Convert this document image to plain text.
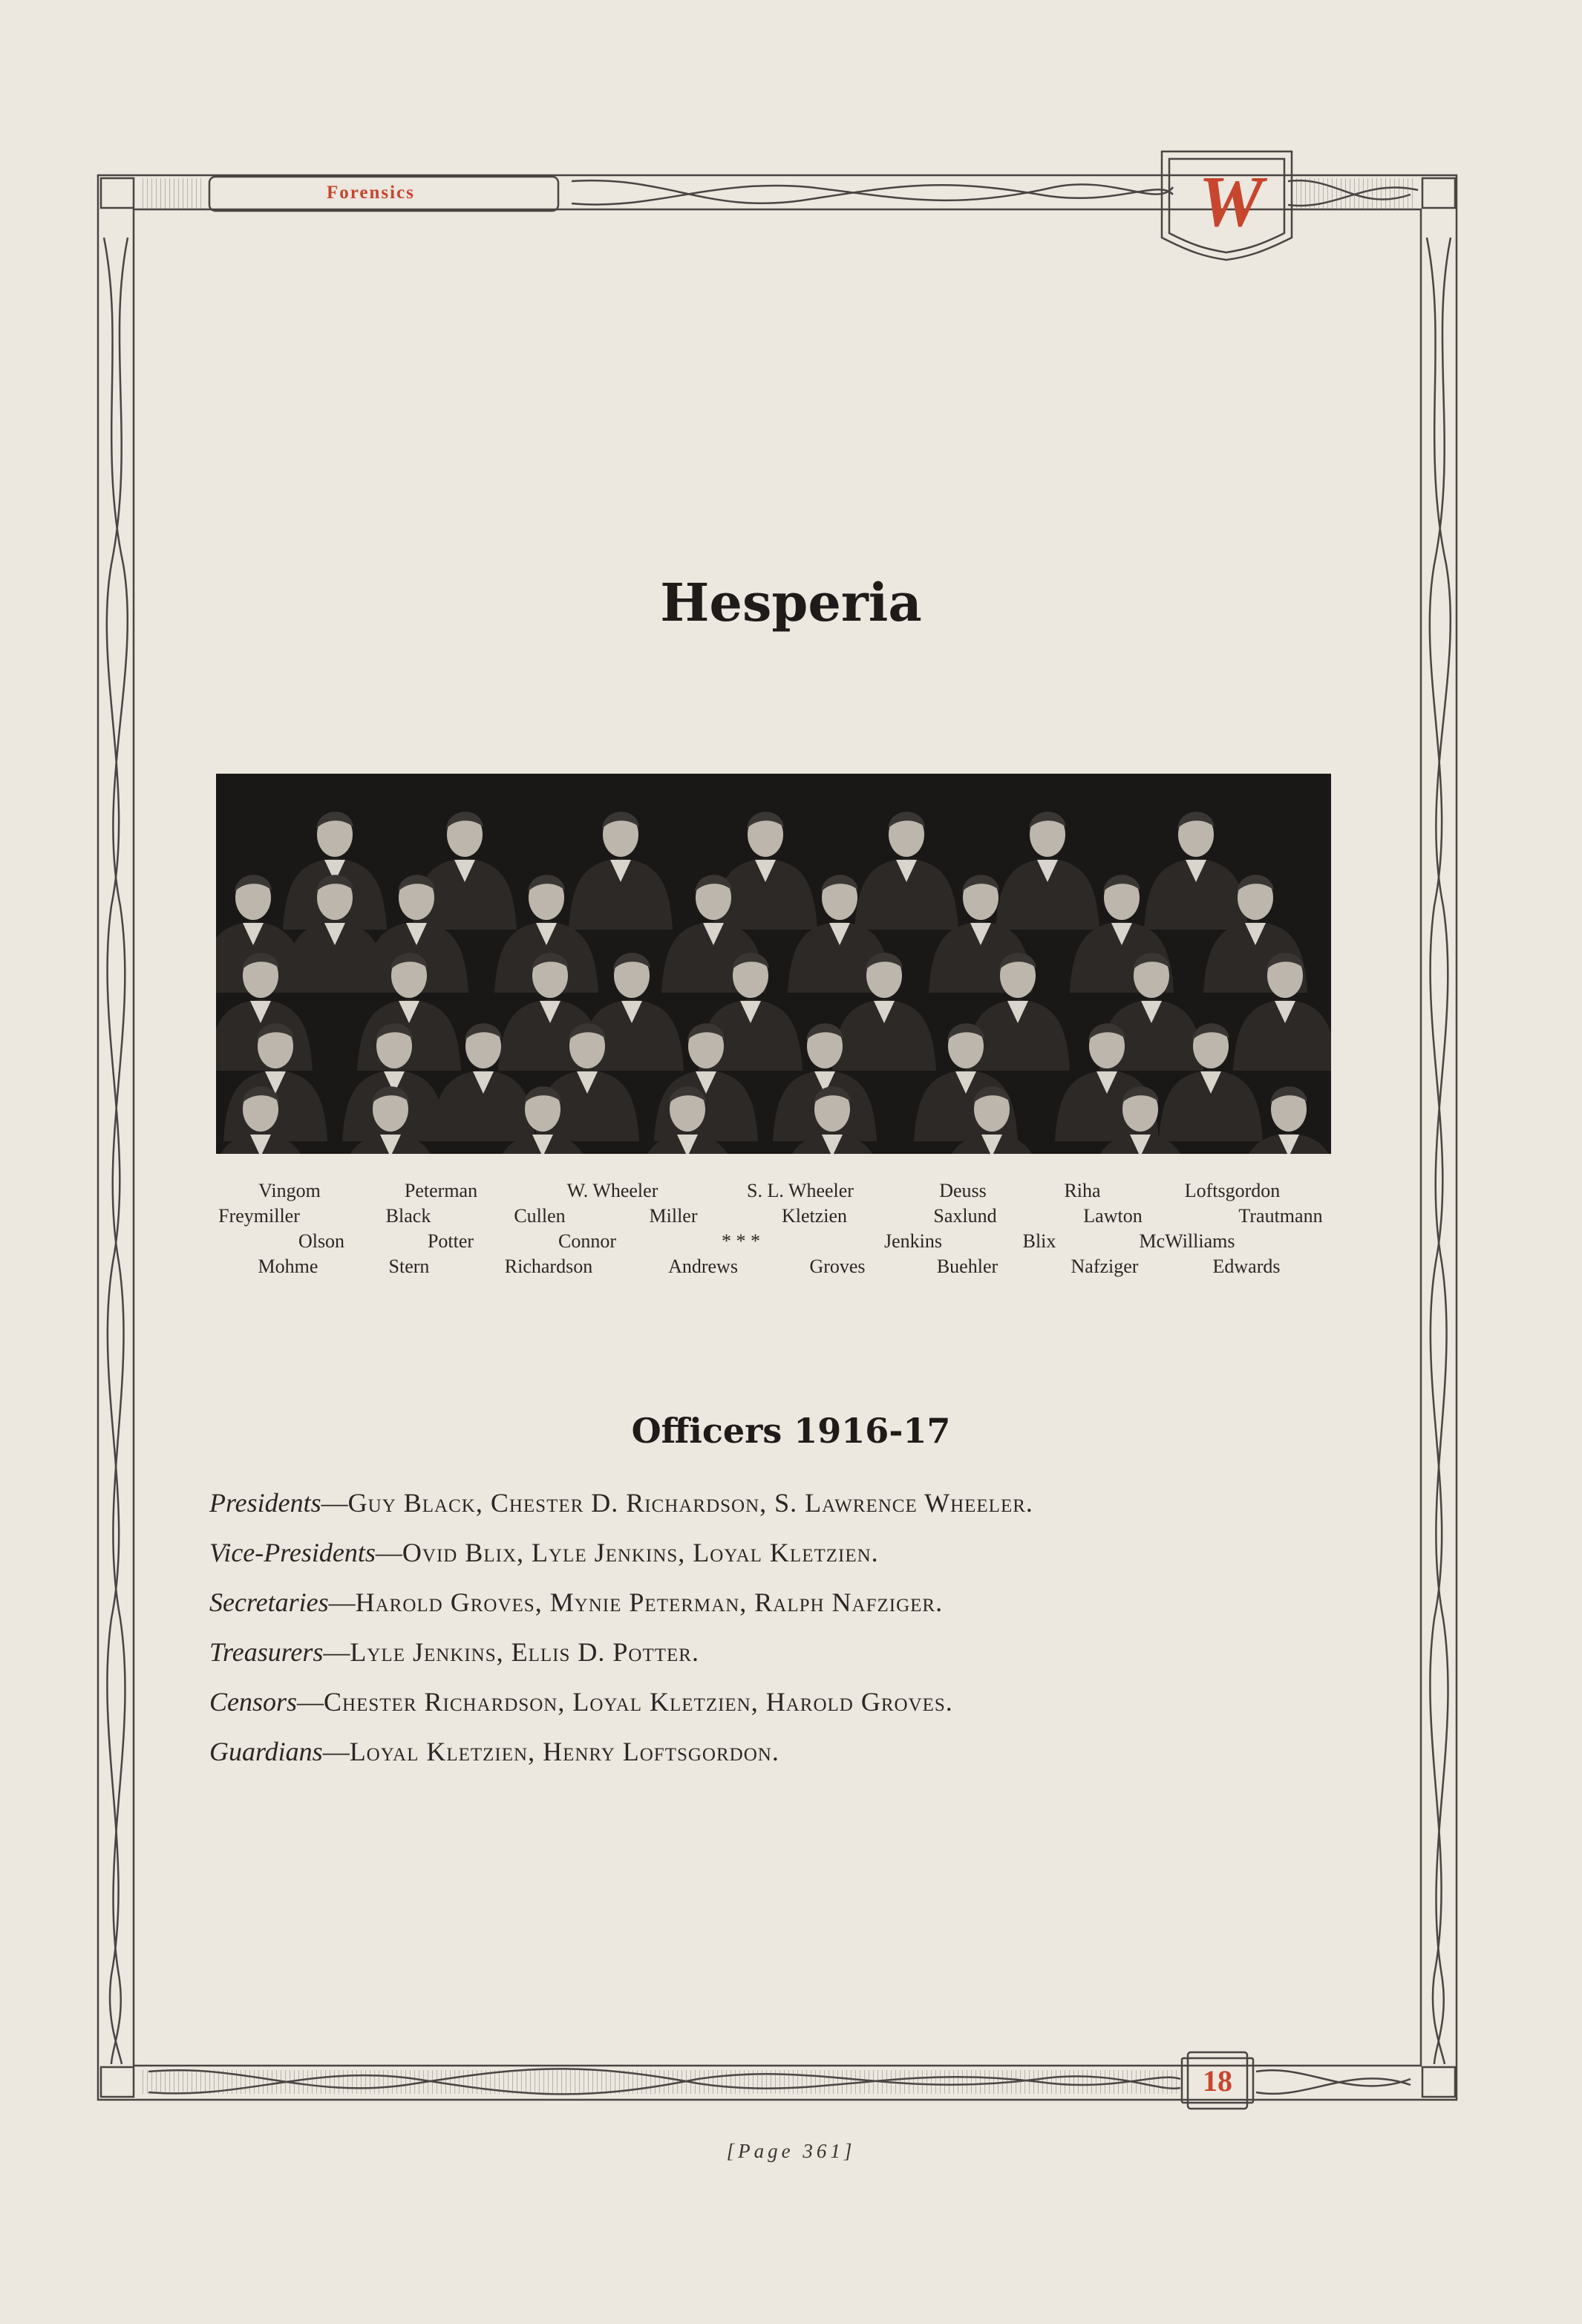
Forensics	W
Hesperia
Vingom	Peterman	W. Wheeler	S. L. Wheeler	Deuss	Riha	Loftsgordon
Freymiller	Black	Cullen	Miller	Kletzien	Saxlund	Lawton	Trautmann
Olson	Potter	Connor	* * *	Jenkins	Blix	McWilliams
Mohme	Stern	Richardson	Andrews	Groves	Buehler	Nafziger	Edwards
Officers 1916-17
Presidents—Guy Black, Chester D. Richardson, S. Lawrence Wheeler.
Vice-Presidents—Ovid Blix, Lyle Jenkins, Loyal Kletzien.
Secretaries—Harold Groves, Mynie Peterman, Ralph Nafziger.
Treasurers—Lyle Jenkins, Ellis D. Potter.
Censors—Chester Richardson, Loyal Kletzien, Harold Groves.
Guardians—Loyal Kletzien, Henry Loftsgordon.
18
[Page 361]
